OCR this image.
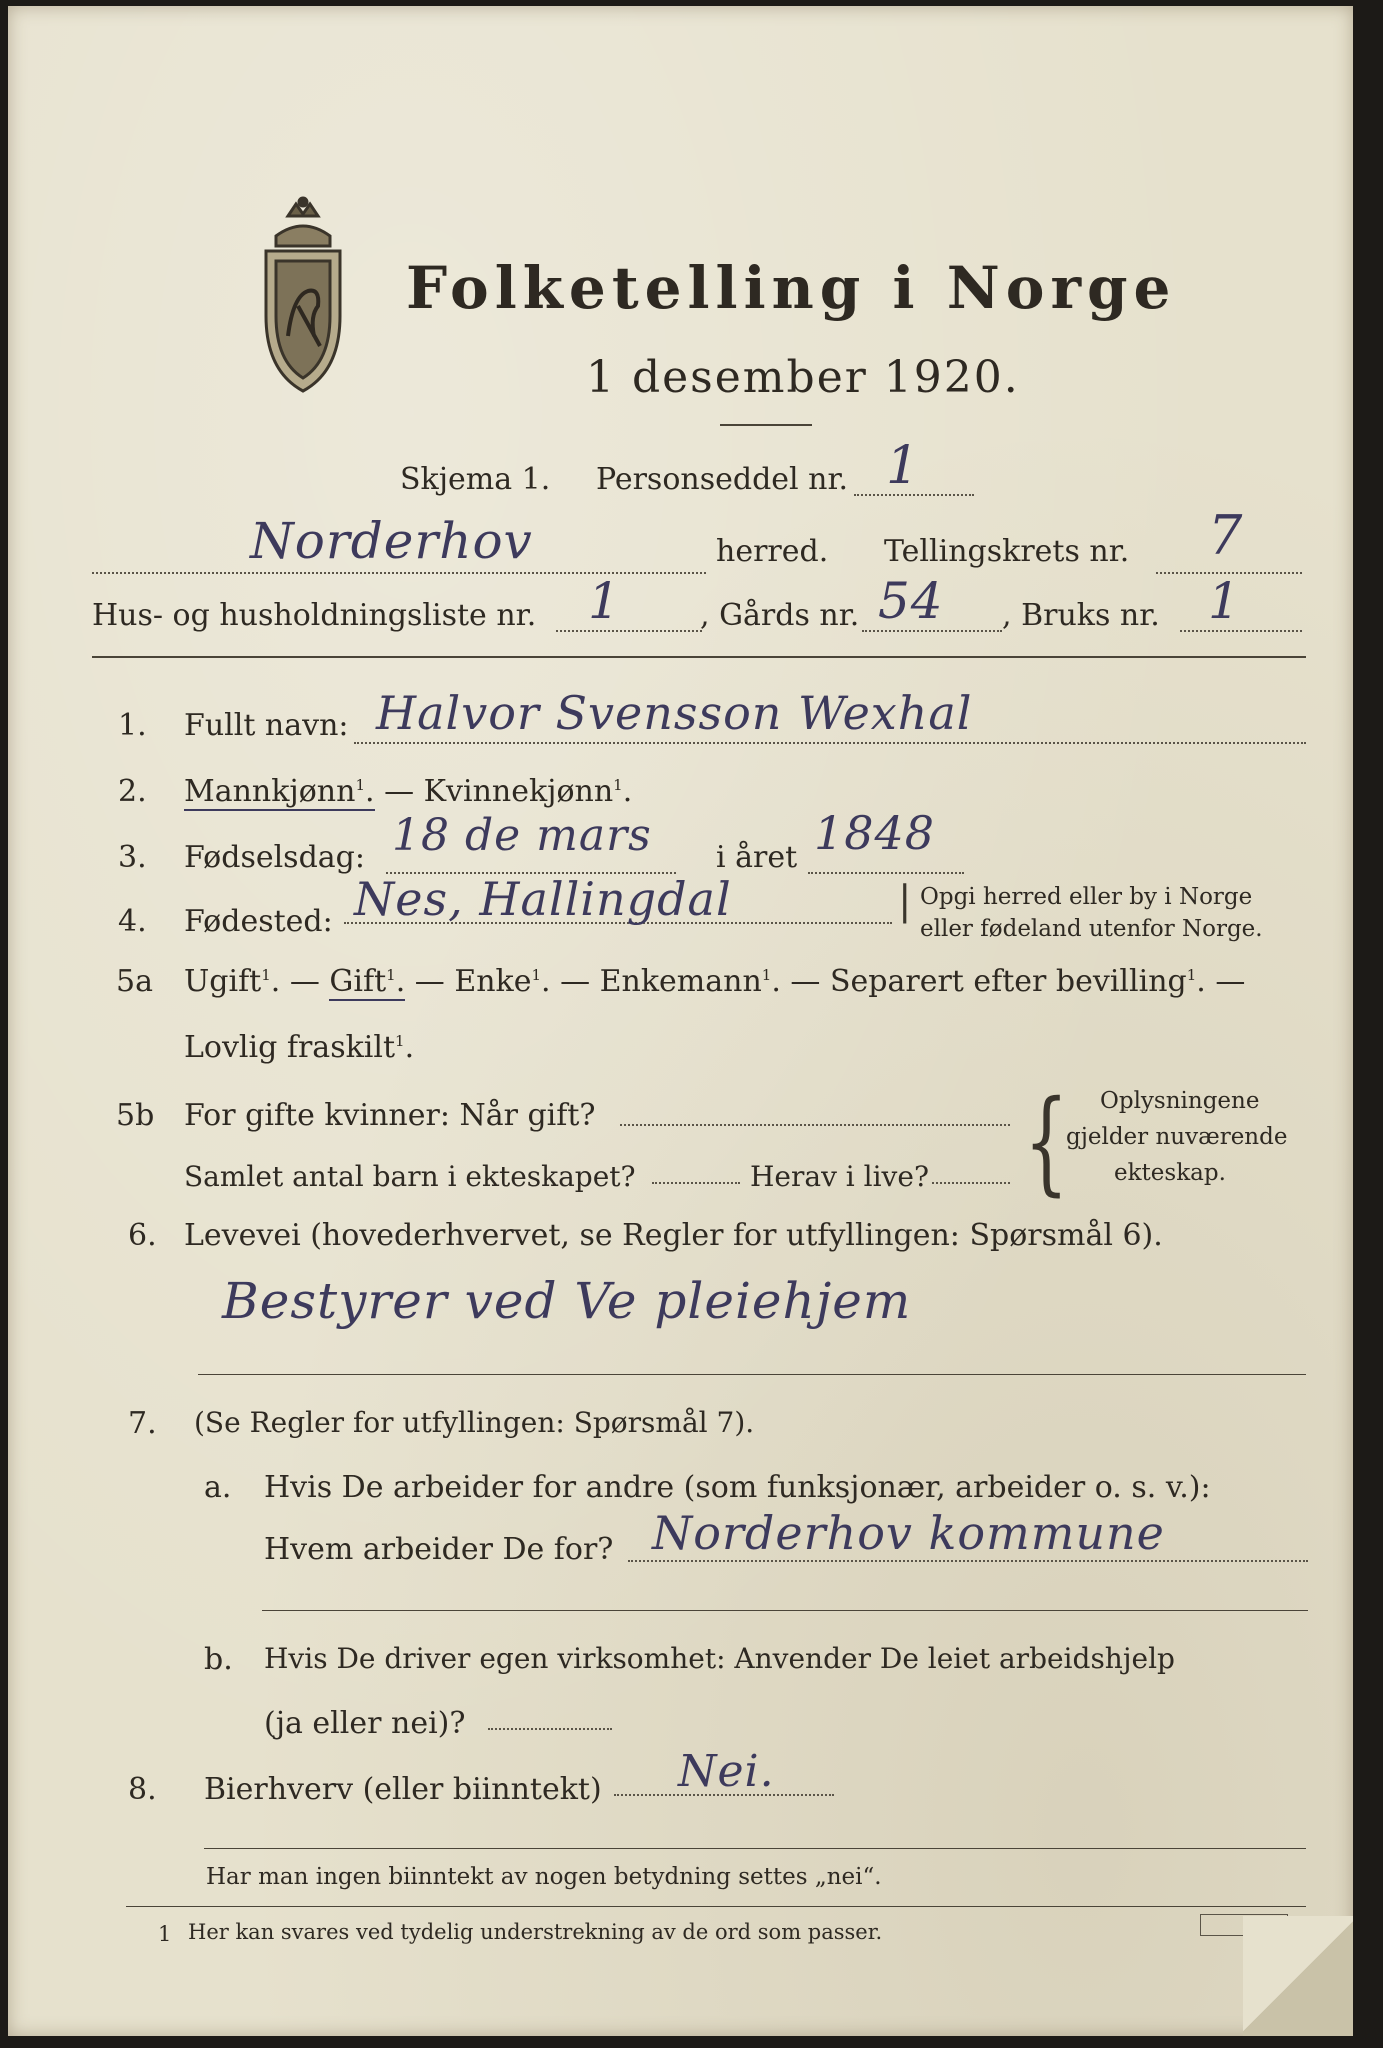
Folketelling i Norge
1 desember 1920.
Skjema 1. Personseddel nr. 1
Norderhov	herred. Tellingskrets nr. 7
Hus- og husholdningsliste nr. 1	, Gårds nr. 54 , Bruks nr. 1
1. Fullt navn: Halvor Svensson Wexhal
2. Mannkjønn$^1$. — Kvinnekjønn$^1$.
3. Fødselsdag: 18 de mars i året 1848
4. Fødested: Nes, Hallingdal	| Opgi herred eller by i Norge
eller fødeland utenfor Norge.
5a Ugift$^1$. — Gift$^1$. — Enke$^1$. — Enkemann$^1$. — Separert efter bevilling$^1$. —
Lovlig fraskilt$^1$.
5b For gifte kvinner: Når gift?
Samlet antal barn i ekteskapet?	Herav i live? { Oplysningene
gjelder nuværende
ekteskap.
6. Levevei (hovederhvervet, se Regler for utfyllingen: Spørsmål 6).
Bestyrer ved Ve pleiehjem
7. (Se Regler for utfyllingen: Spørsmål 7).
a. Hvis De arbeider for andre (som funksjonær, arbeider o. s. v.):
Hvem arbeider De for? Norderhov kommune
b. Hvis De driver egen virksomhet: Anvender De leiet arbeidshjelp
(ja eller nei)?
8. Bierhverv (eller biinntekt) Nei.
Har man ingen biinntekt av nogen betydning settes „nei“.
1 Her kan svares ved tydelig understrekning av de ord som passer.
